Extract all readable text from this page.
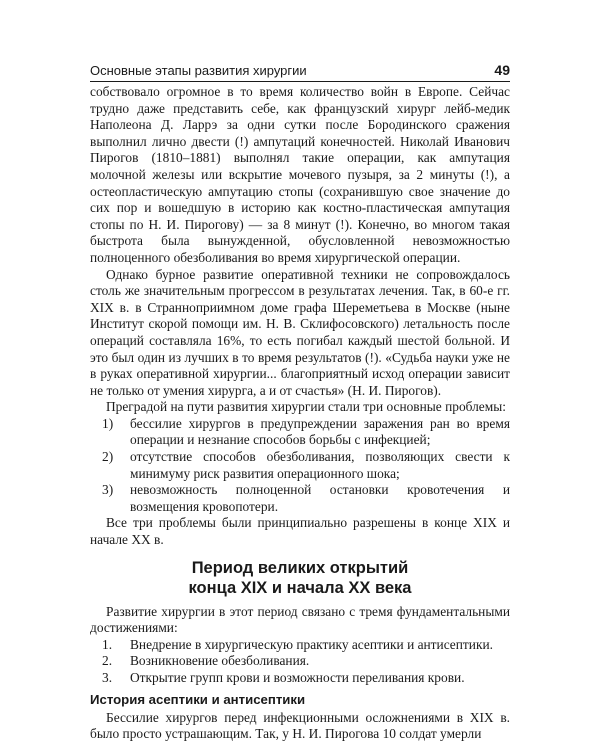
Основные этапы развития хирургии	49

собствовало огромное в то время количество войн в Европе. Сейчас трудно даже представить себе, как французский хирург лейб-медик Наполеона Д. Ларрэ за одни сутки после Бородинского сражения выполнил лично двести (!) ампутаций конечностей. Николай Иванович Пирогов (1810–1881) выполнял такие операции, как ампутация молочной железы или вскрытие мочевого пузыря, за 2 минуты (!), а остеопластическую ампутацию стопы (сохранившую свое значение до сих пор и вошедшую в историю как костно-пластическая ампутация стопы по Н. И. Пирогову) — за 8 минут (!). Конечно, во многом такая быстрота была вынужденной, обусловленной невозможностью полноценного обезболивания во время хирургической операции.

Однако бурное развитие оперативной техники не сопровождалось столь же значительным прогрессом в результатах лечения. Так, в 60-е гг. XIX в. в Странноприимном доме графа Шереметьева в Москве (ныне Институт скорой помощи им. Н. В. Склифосовского) летальность после операций составляла 16%, то есть погибал каждый шестой больной. И это был один из лучших в то время результатов (!). «Судьба науки уже не в руках оперативной хирургии... благоприятный исход операции зависит не только от умения хирурга, а и от счастья» (Н. И. Пирогов).

Преградой на пути развития хирургии стали три основные проблемы:

1) бессилие хирургов в предупреждении заражения ран во время операции и незнание способов борьбы с инфекцией;
2) отсутствие способов обезболивания, позволяющих свести к минимуму риск развития операционного шока;
3) невозможность полноценной остановки кровотечения и возмещения кровопотери.

Все три проблемы были принципиально разрешены в конце XIX и начале XX в.

Период великих открытий
конца XIX и начала XX века

Развитие хирургии в этот период связано с тремя фундаментальными достижениями:

1. Внедрение в хирургическую практику асептики и антисептики.
2. Возникновение обезболивания.
3. Открытие групп крови и возможности переливания крови.
История асептики и антисептики

Бессилие хирургов перед инфекционными осложнениями в XIX в. было просто устрашающим. Так, у Н. И. Пирогова 10 солдат умерли
